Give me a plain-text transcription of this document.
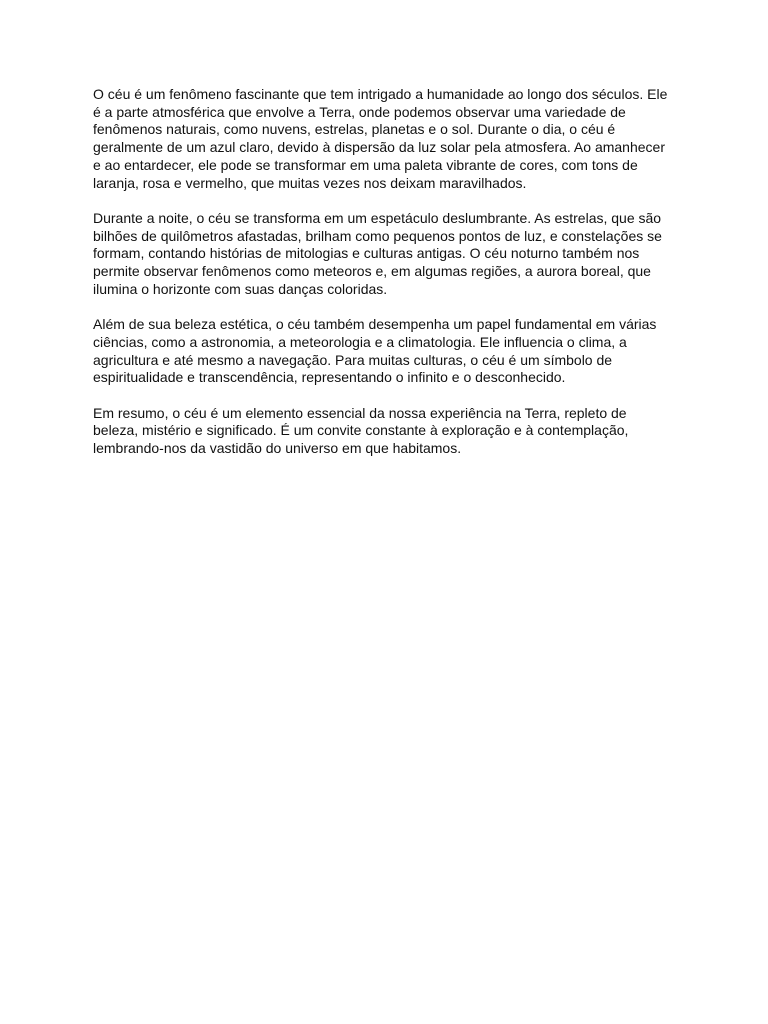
O céu é um fenômeno fascinante que tem intrigado a humanidade ao longo dos séculos. Ele
é a parte atmosférica que envolve a Terra, onde podemos observar uma variedade de
fenômenos naturais, como nuvens, estrelas, planetas e o sol. Durante o dia, o céu é
geralmente de um azul claro, devido à dispersão da luz solar pela atmosfera. Ao amanhecer
e ao entardecer, ele pode se transformar em uma paleta vibrante de cores, com tons de
laranja, rosa e vermelho, que muitas vezes nos deixam maravilhados.

Durante a noite, o céu se transforma em um espetáculo deslumbrante. As estrelas, que são
bilhões de quilômetros afastadas, brilham como pequenos pontos de luz, e constelações se
formam, contando histórias de mitologias e culturas antigas. O céu noturno também nos
permite observar fenômenos como meteoros e, em algumas regiões, a aurora boreal, que
ilumina o horizonte com suas danças coloridas.

Além de sua beleza estética, o céu também desempenha um papel fundamental em várias
ciências, como a astronomia, a meteorologia e a climatologia. Ele influencia o clima, a
agricultura e até mesmo a navegação. Para muitas culturas, o céu é um símbolo de
espiritualidade e transcendência, representando o infinito e o desconhecido.

Em resumo, o céu é um elemento essencial da nossa experiência na Terra, repleto de
beleza, mistério e significado. É um convite constante à exploração e à contemplação,
lembrando-nos da vastidão do universo em que habitamos.
